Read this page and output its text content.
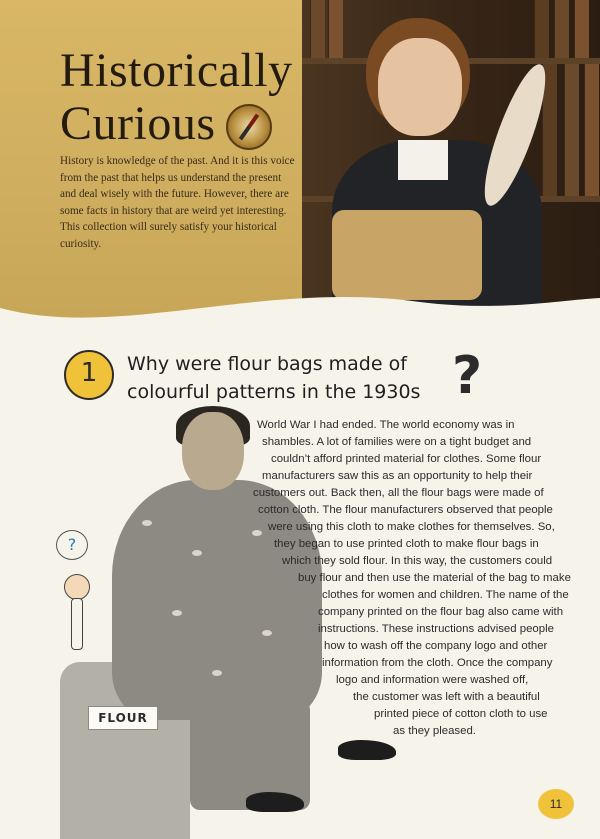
Historically
Curious
History is knowledge of the past. And it is this voice from the past that helps us understand the present and deal wisely with the future. However, there are some facts in history that are weird yet interesting. This collection will surely satisfy your historical curiosity.
1	Why were flour bags made of colourful patterns in the 1930s ?
FLOUR
?
World War I had ended. The world economy was in
shambles. A lot of families were on a tight budget and
couldn’t afford printed material for clothes. Some flour
manufacturers saw this as an opportunity to help their
customers out. Back then, all the flour bags were made of
cotton cloth. The flour manufacturers observed that people
were using this cloth to make clothes for themselves. So,
they began to use printed cloth to make flour bags in
which they sold flour. In this way, the customers could
buy flour and then use the material of the bag to make
clothes for women and children. The name of the
company printed on the flour bag also came with
instructions. These instructions advised people
how to wash off the company logo and other
information from the cloth. Once the company
logo and information were washed off,
the customer was left with a beautiful
printed piece of cotton cloth to use
as they pleased.
11
